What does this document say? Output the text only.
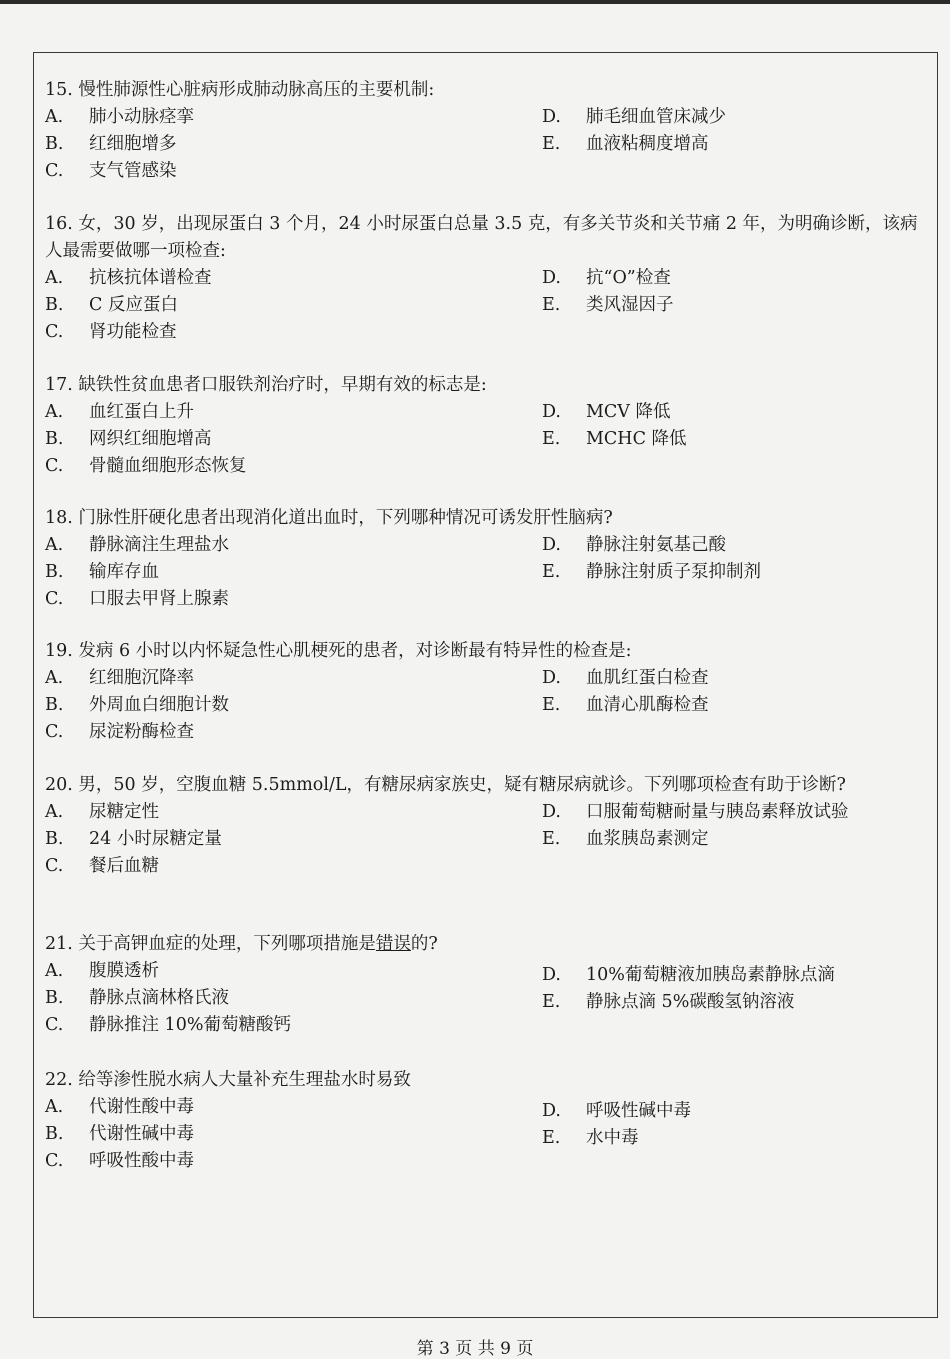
15. 慢性肺源性心脏病形成肺动脉高压的主要机制:

A. 肺小动脉痉挛
B. 红细胞增多
C. 支气管感染
D. 肺毛细血管床减少
E. 血液粘稠度增高

16. 女，30 岁，出现尿蛋白 3 个月，24 小时尿蛋白总量 3.5 克，有多关节炎和关节痛 2 年，为明确诊断，该病人最需要做哪一项检查:

A. 抗核抗体谱检查
B. C 反应蛋白
C. 肾功能检查
D. 抗“O”检查
E. 类风湿因子

17. 缺铁性贫血患者口服铁剂治疗时，早期有效的标志是:

A. 血红蛋白上升
B. 网织红细胞增高
C. 骨髓血细胞形态恢复
D. MCV 降低
E. MCHC 降低

18. 门脉性肝硬化患者出现消化道出血时，下列哪种情况可诱发肝性脑病?

A. 静脉滴注生理盐水
B. 输库存血
C. 口服去甲肾上腺素
D. 静脉注射氨基己酸
E. 静脉注射质子泵抑制剂

19. 发病 6 小时以内怀疑急性心肌梗死的患者，对诊断最有特异性的检查是:

A. 红细胞沉降率
B. 外周血白细胞计数
C. 尿淀粉酶检查
D. 血肌红蛋白检查
E. 血清心肌酶检查

20. 男，50 岁，空腹血糖 5.5mmol/L，有糖尿病家族史，疑有糖尿病就诊。下列哪项检查有助于诊断?

A. 尿糖定性
B. 24 小时尿糖定量
C. 餐后血糖
D. 口服葡萄糖耐量与胰岛素释放试验
E. 血浆胰岛素测定

21. 关于高钾血症的处理，下列哪项措施是错误的?

A. 腹膜透析
B. 静脉点滴林格氏液
C. 静脉推注 10%葡萄糖酸钙
D. 10%葡萄糖液加胰岛素静脉点滴
E. 静脉点滴 5%碳酸氢钠溶液

22. 给等渗性脱水病人大量补充生理盐水时易致

A. 代谢性酸中毒
B. 代谢性碱中毒
C. 呼吸性酸中毒
D. 呼吸性碱中毒
E. 水中毒
第 3 页 共 9 页
